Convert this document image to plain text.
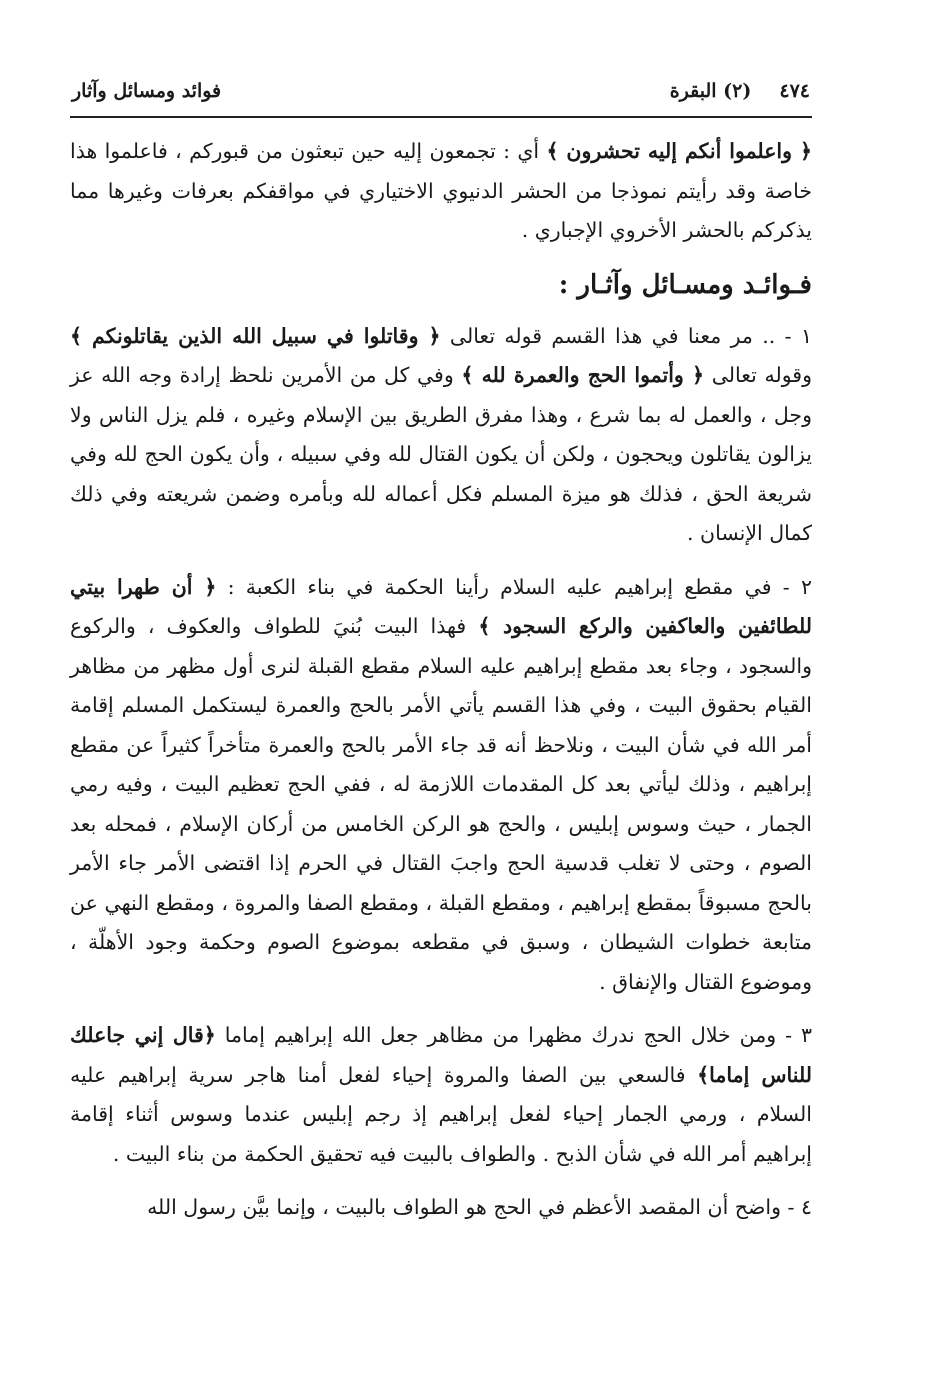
٤٧٤
(٢) البقرة
فوائد ومسائل وآثار

﴿ واعلموا أنكم إليه تحشرون ﴾ أي : تجمعون إليه حين تبعثون من قبوركم ، فاعلموا هذا خاصة وقد رأيتم نموذجا من الحشر الدنيوي الاختياري في مواقفكم بعرفات وغيرها مما يذكركم بالحشر الأخروي الإجباري .

فـوائـد ومسـائل وآثـار :

١ - .. مر معنا في هذا القسم قوله تعالى ﴿ وقاتلوا في سبيل الله الذين يقاتلونكم ﴾ وقوله تعالى ﴿ وأتموا الحج والعمرة لله ﴾ وفي كل من الأمرين نلحظ إرادة وجه الله عز وجل ، والعمل له بما شرع ، وهذا مفرق الطريق بين الإسلام وغيره ، فلم يزل الناس ولا يزالون يقاتلون ويحجون ، ولكن أن يكون القتال لله وفي سبيله ، وأن يكون الحج لله وفي شريعة الحق ، فذلك هو ميزة المسلم فكل أعماله لله وبأمره وضمن شريعته وفي ذلك كمال الإنسان .

٢ - في مقطع إبراهيم عليه السلام رأينا الحكمة في بناء الكعبة : ﴿ أن طهرا بيتي للطائفين والعاكفين والركع السجود ﴾ فهذا البيت بُنيَ للطواف والعكوف ، والركوع والسجود ، وجاء بعد مقطع إبراهيم عليه السلام مقطع القبلة لنرى أول مظهر من مظاهر القيام بحقوق البيت ، وفي هذا القسم يأتي الأمر بالحج والعمرة ليستكمل المسلم إقامة أمر الله في شأن البيت ، ونلاحظ أنه قد جاء الأمر بالحج والعمرة متأخراً كثيراً عن مقطع إبراهيم ، وذلك ليأتي بعد كل المقدمات اللازمة له ، ففي الحج تعظيم البيت ، وفيه رمي الجمار ، حيث وسوس إبليس ، والحج هو الركن الخامس من أركان الإسلام ، فمحله بعد الصوم ، وحتى لا تغلب قدسية الحج واجبَ القتال في الحرم إذا اقتضى الأمر جاء الأمر بالحج مسبوقاً بمقطع إبراهيم ، ومقطع القبلة ، ومقطع الصفا والمروة ، ومقطع النهي عن متابعة خطوات الشيطان ، وسبق في مقطعه بموضوع الصوم وحكمة وجود الأهلّة ، وموضوع القتال والإنفاق .

٣ - ومن خلال الحج ندرك مظهرا من مظاهر جعل الله إبراهيم إماما ﴿قال إني جاعلك للناس إماما﴾ فالسعي بين الصفا والمروة إحياء لفعل أمنا هاجر سرية إبراهيم عليه السلام ، ورمي الجمار إحياء لفعل إبراهيم إذ رجم إبليس عندما وسوس أثناء إقامة إبراهيم أمر الله في شأن الذبح . والطواف بالبيت فيه تحقيق الحكمة من بناء البيت .

٤ - واضح أن المقصد الأعظم في الحج هو الطواف بالبيت ، وإنما بيَّن رسول الله
